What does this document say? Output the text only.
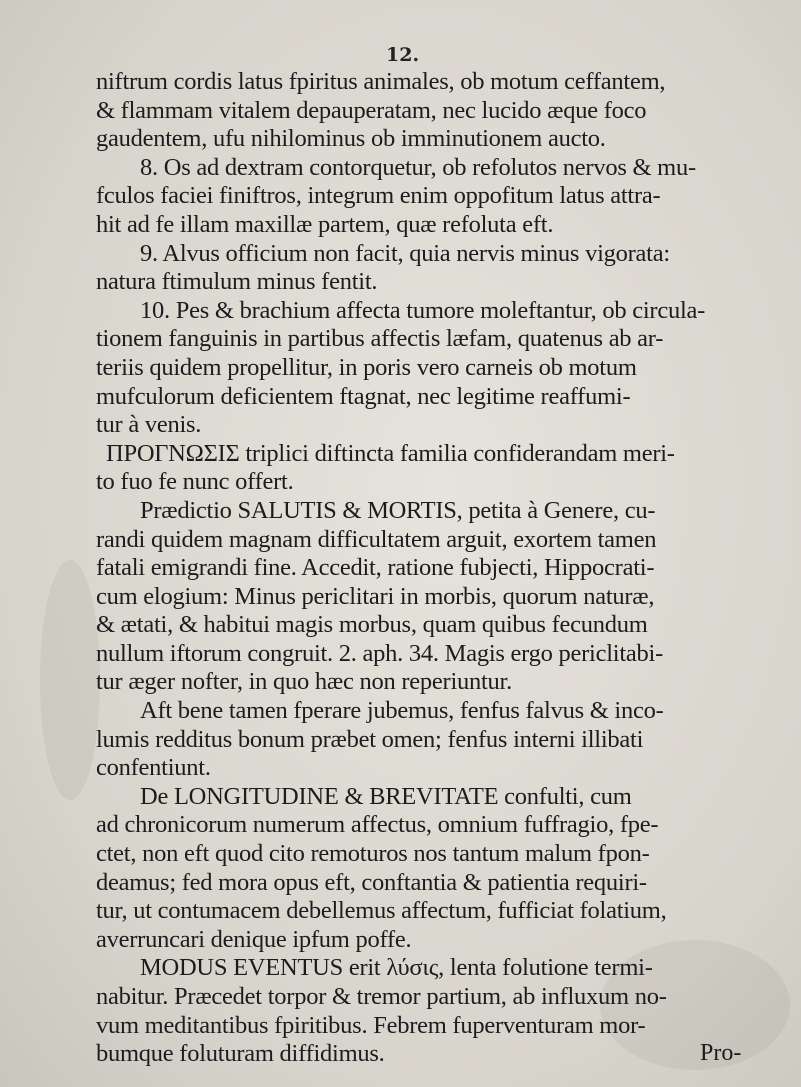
12.
niftrum cordis latus fpiritus animales, ob motum ceffantem,
& flammam vitalem depauperatam, nec lucido æque foco
gaudentem, ufu nihilominus ob imminutionem aucto.
8. Os ad dextram contorquetur, ob refolutos nervos & mu-
fculos faciei finiftros, integrum enim oppofitum latus attra-
hit ad fe illam maxillæ partem, quæ refoluta eft.
9. Alvus officium non facit, quia nervis minus vigorata:
natura ftimulum minus fentit.
10. Pes & brachium affecta tumore moleftantur, ob circula-
tionem fanguinis in partibus affectis læfam, quatenus ab ar-
teriis quidem propellitur, in poris vero carneis ob motum
mufculorum deficientem ftagnat, nec legitime reaffumi-
tur à venis.
ΠΡΟΓΝΩΣΙΣ triplici diftincta familia confiderandam meri-
to fuo fe nunc offert.
Prædictio SALUTIS & MORTIS, petita à Genere, cu-
randi quidem magnam difficultatem arguit, exortem tamen
fatali emigrandi fine. Accedit, ratione fubjecti, Hippocrati-
cum elogium: Minus periclitari in morbis, quorum naturæ,
& ætati, & habitui magis morbus, quam quibus fecundum
nullum iftorum congruit. 2. aph. 34. Magis ergo periclitabi-
tur æger nofter, in quo hæc non reperiuntur.
Aft bene tamen fperare jubemus, fenfus falvus & inco-
lumis redditus bonum præbet omen; fenfus interni illibati
confentiunt.
De LONGITUDINE & BREVITATE confulti, cum
ad chronicorum numerum affectus, omnium fuffragio, fpe-
ctet, non eft quod cito remoturos nos tantum malum fpon-
deamus; fed mora opus eft, conftantia & patientia requiri-
tur, ut contumacem debellemus affectum, fufficiat folatium,
averruncari denique ipfum poffe.
MODUS EVENTUS erit λύσις, lenta folutione termi-
nabitur. Præcedet torpor & tremor partium, ab influxum no-
vum meditantibus fpiritibus. Febrem fuperventuram mor-
bumque foluturam diffidimus.	Pro-
